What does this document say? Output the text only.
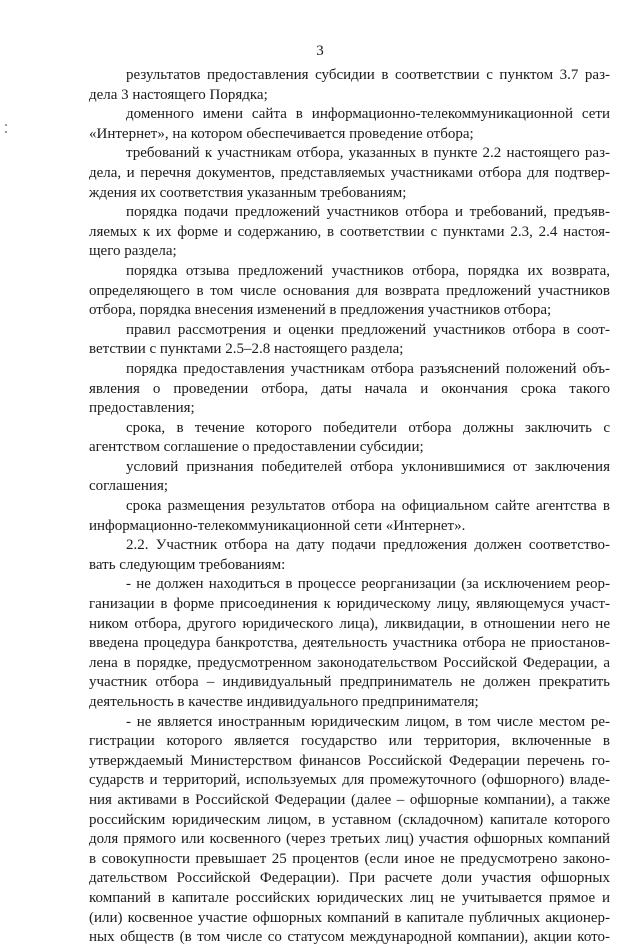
3
результатов предоставления субсидии в соответствии с пунктом 3.7 раз-
дела 3 настоящего Порядка;
доменного имени сайта в информационно-телекоммуникационной сети
«Интернет», на котором обеспечивается проведение отбора;
требований к участникам отбора, указанных в пункте 2.2 настоящего раз-
дела, и перечня документов, представляемых участниками отбора для подтвер-
ждения их соответствия указанным требованиям;
порядка подачи предложений участников отбора и требований, предъяв-
ляемых к их форме и содержанию, в соответствии с пунктами 2.3, 2.4 настоя-
щего раздела;
порядка отзыва предложений участников отбора, порядка их возврата,
определяющего в том числе основания для возврата предложений участников
отбора, порядка внесения изменений в предложения участников отбора;
правил рассмотрения и оценки предложений участников отбора в соот-
ветствии с пунктами 2.5–2.8 настоящего раздела;
порядка предоставления участникам отбора разъяснений положений объ-
явления о проведении отбора, даты начала и окончания срока такого
предоставления;
срока, в течение которого победители отбора должны заключить с
агентством соглашение о предоставлении субсидии;
условий признания победителей отбора уклонившимися от заключения
соглашения;
срока размещения результатов отбора на официальном сайте агентства в
информационно-телекоммуникационной сети «Интернет».
2.2. Участник отбора на дату подачи предложения должен соответство-
вать следующим требованиям:
- не должен находиться в процессе реорганизации (за исключением реор-
ганизации в форме присоединения к юридическому лицу, являющемуся участ-
ником отбора, другого юридического лица), ликвидации, в отношении него не
введена процедура банкротства, деятельность участника отбора не приостанов-
лена в порядке, предусмотренном законодательством Российской Федерации, а
участник отбора – индивидуальный предприниматель не должен прекратить
деятельность в качестве индивидуального предпринимателя;
- не является иностранным юридическим лицом, в том числе местом ре-
гистрации которого является государство или территория, включенные в
утверждаемый Министерством финансов Российской Федерации перечень го-
сударств и территорий, используемых для промежуточного (офшорного) владе-
ния активами в Российской Федерации (далее – офшорные компании), а также
российским юридическим лицом, в уставном (складочном) капитале которого
доля прямого или косвенного (через третьих лиц) участия офшорных компаний
в совокупности превышает 25 процентов (если иное не предусмотрено законо-
дательством Российской Федерации). При расчете доли участия офшорных
компаний в капитале российских юридических лиц не учитывается прямое и
(или) косвенное участие офшорных компаний в капитале публичных акционер-
ных обществ (в том числе со статусом международной компании), акции кото-
